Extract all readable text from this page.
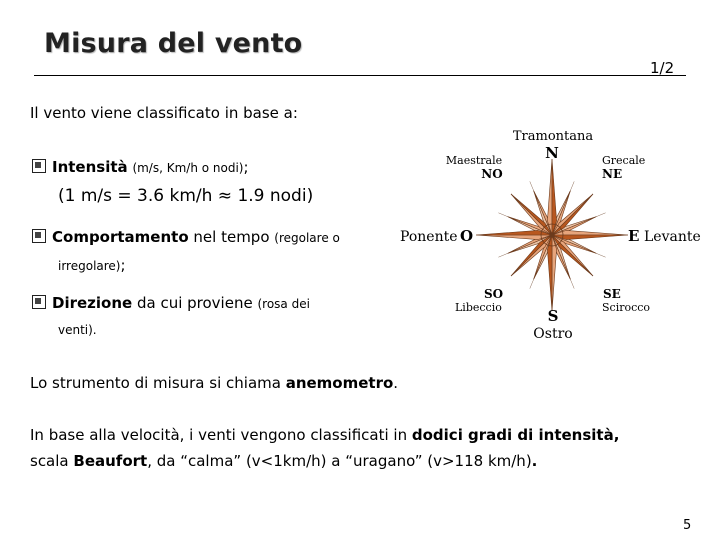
Misura del vento
1/2
Il vento viene classificato in base a:
Intensità (m/s, Km/h o nodi);
(1 m/s = 3.6 km/h ≈ 1.9 nodi)
Comportamento nel tempo (regolare o
irregolare);
Direzione da cui proviene (rosa dei
venti).
Lo strumento di misura si chiama anemometro.
In base alla velocità, i venti vengono classificati in dodici gradi di intensità,
scala Beaufort, da “calma” (v<1km/h) a “uragano” (v>118 km/h).
5
Tramontana
N
Maestrale
NO
Grecale
NE
Ponente O	E Levante
SO
Libeccio
SE
Scirocco
S
Ostro
